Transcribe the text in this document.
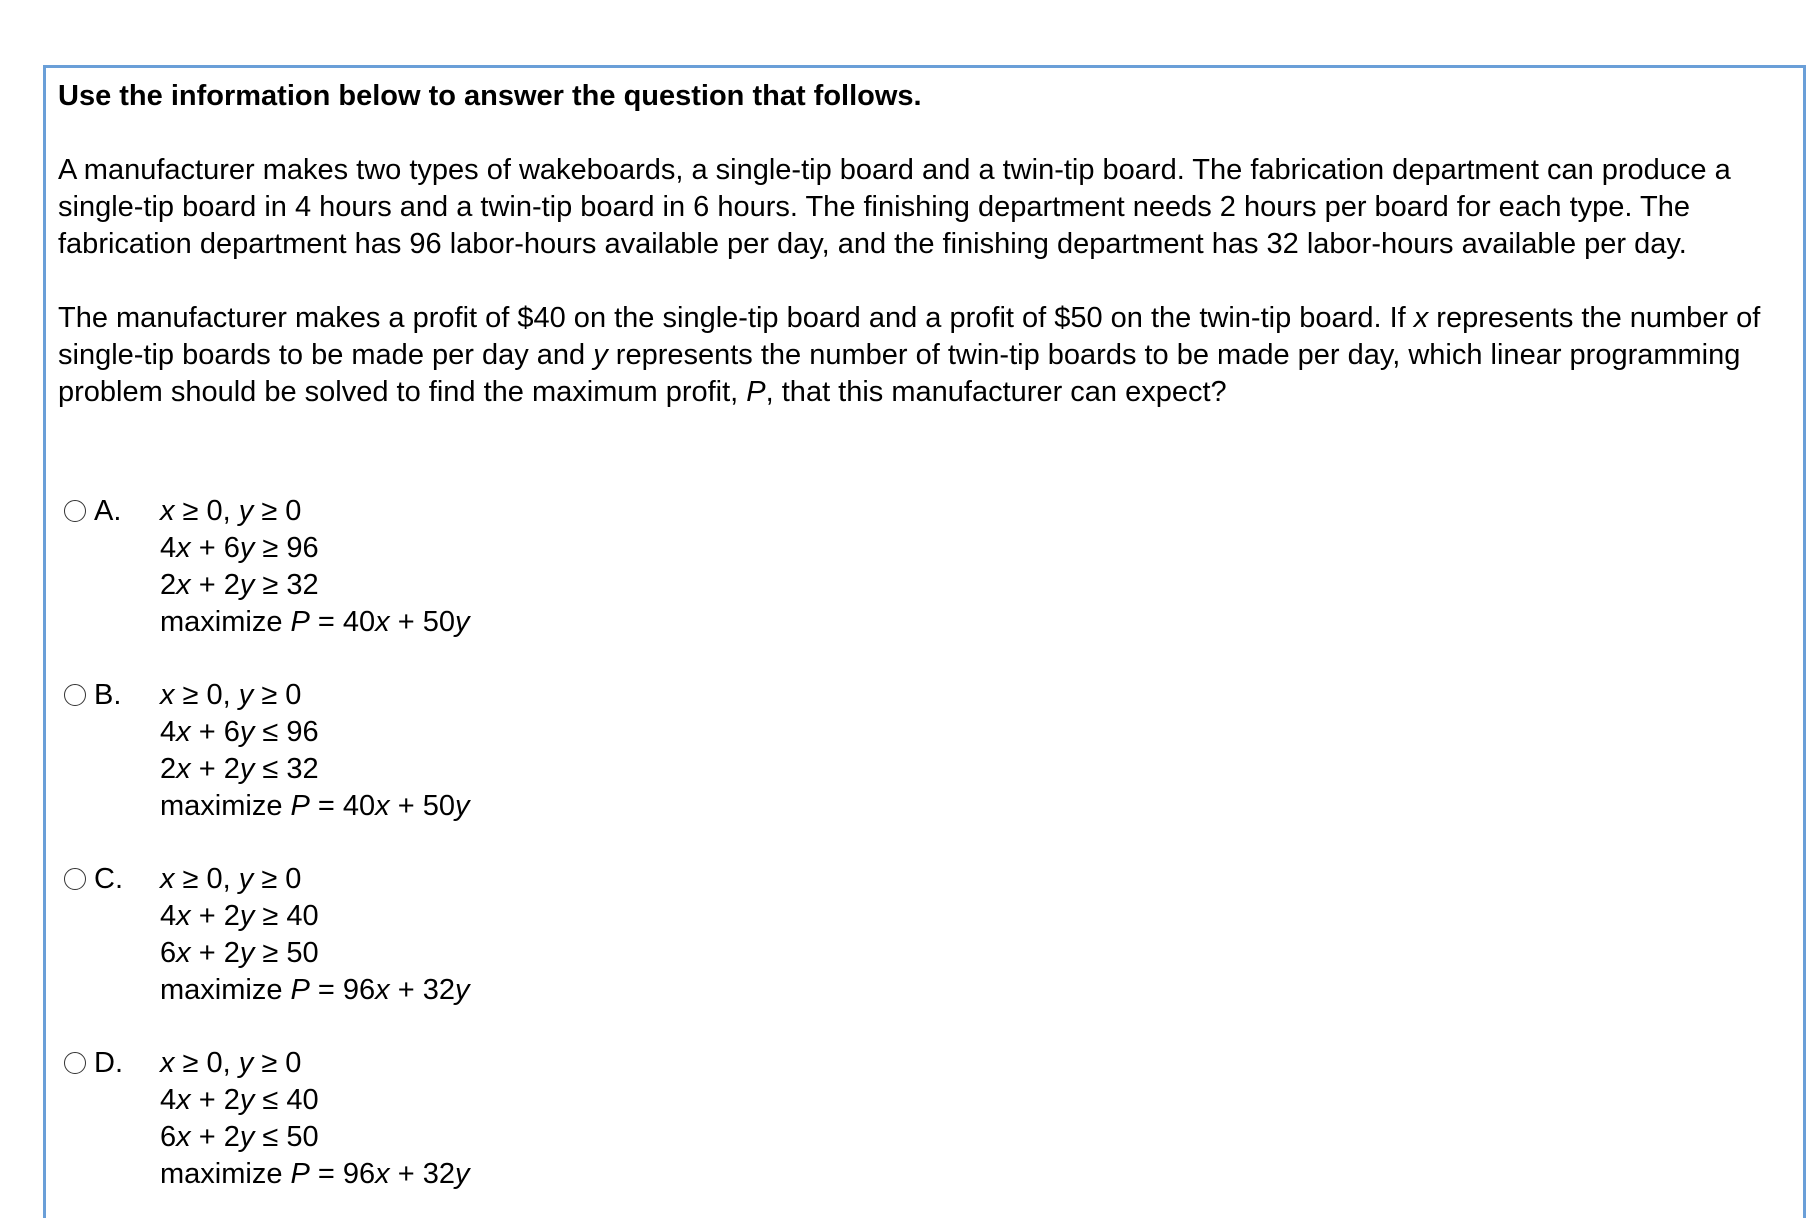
Use the information below to answer the question that follows.

A manufacturer makes two types of wakeboards, a single-tip board and a twin-tip board. The fabrication department can produce a single-tip board in 4 hours and a twin-tip board in 6 hours. The finishing department needs 2 hours per board for each type. The fabrication department has 96 labor-hours available per day, and the finishing department has 32 labor-hours available per day.

The manufacturer makes a profit of $40 on the single-tip board and a profit of $50 on the twin-tip board. If x represents the number of single-tip boards to be made per day and y represents the number of twin-tip boards to be made per day, which linear programming problem should be solved to find the maximum profit, P, that this manufacturer can expect?

A. x ≥ 0, y ≥ 0
4x + 6y ≥ 96
2x + 2y ≥ 32
maximize P = 40x + 50y
B. x ≥ 0, y ≥ 0
4x + 6y ≤ 96
2x + 2y ≤ 32
maximize P = 40x + 50y
C. x ≥ 0, y ≥ 0
4x + 2y ≥ 40
6x + 2y ≥ 50
maximize P = 96x + 32y
D. x ≥ 0, y ≥ 0
4x + 2y ≤ 40
6x + 2y ≤ 50
maximize P = 96x + 32y
